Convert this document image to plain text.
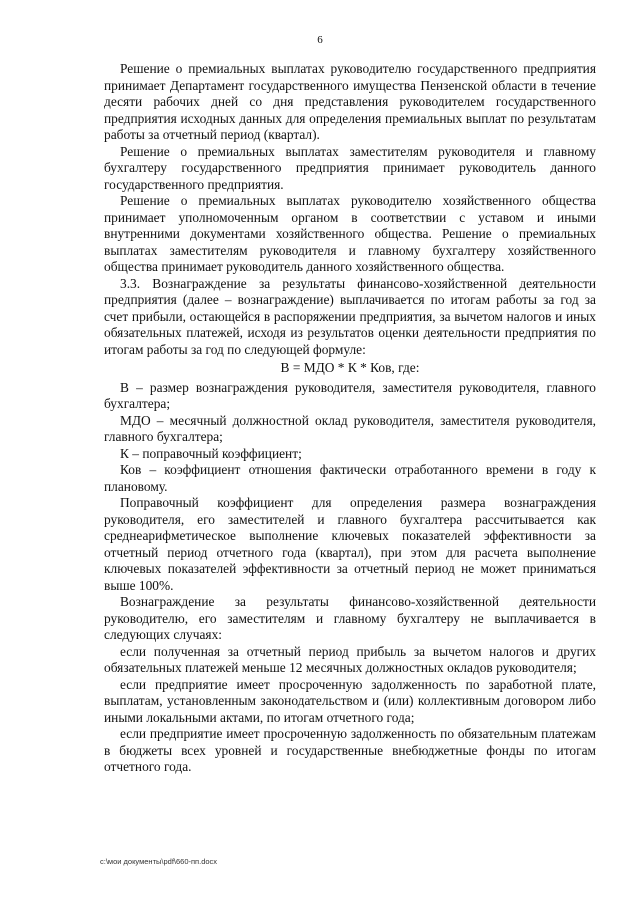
6

Решение о премиальных выплатах руководителю государственного предприятия принимает Департамент государственного имущества Пензенской области в течение десяти рабочих дней со дня представления руководителем государственного предприятия исходных данных для определения премиальных выплат по результатам работы за отчетный период (квартал).

Решение о премиальных выплатах заместителям руководителя и главному бухгалтеру государственного предприятия принимает руководитель данного государственного предприятия.

Решение о премиальных выплатах руководителю хозяйственного общества принимает уполномоченным органом в соответствии с уставом и иными внутренними документами хозяйственного общества. Решение о премиальных выплатах заместителям руководителя и главному бухгалтеру хозяйственного общества принимает руководитель данного хозяйственного общества.

3.3. Вознаграждение за результаты финансово-хозяйственной деятельности предприятия (далее – вознаграждение) выплачивается по итогам работы за год за счет прибыли, остающейся в распоряжении предприятия, за вычетом налогов и иных обязательных платежей, исходя из результатов оценки деятельности предприятия по итогам работы за год по следующей формуле:

В = МДО * К * Ков, где:

В – размер вознаграждения руководителя, заместителя руководителя, главного бухгалтера;

МДО – месячный должностной оклад руководителя, заместителя руководителя, главного бухгалтера;

К – поправочный коэффициент;

Ков – коэффициент отношения фактически отработанного времени в году к плановому.

Поправочный коэффициент для определения размера вознаграждения руководителя, его заместителей и главного бухгалтера рассчитывается как среднеарифметическое выполнение ключевых показателей эффективности за отчетный период отчетного года (квартал), при этом для расчета выполнение ключевых показателей эффективности за отчетный период не может приниматься выше 100%.

Вознаграждение за результаты финансово-хозяйственной деятельности руководителю, его заместителям и главному бухгалтеру не выплачивается в следующих случаях:

если полученная за отчетный период прибыль за вычетом налогов и других обязательных платежей меньше 12 месячных должностных окладов руководителя;

если предприятие имеет просроченную задолженность по заработной плате, выплатам, установленным законодательством и (или) коллективным договором либо иными локальными актами, по итогам отчетного года;

если предприятие имеет просроченную задолженность по обязательным платежам в бюджеты всех уровней и государственные внебюджетные фонды по итогам отчетного года.

c:\мои документы\pdf\660-пп.docx
